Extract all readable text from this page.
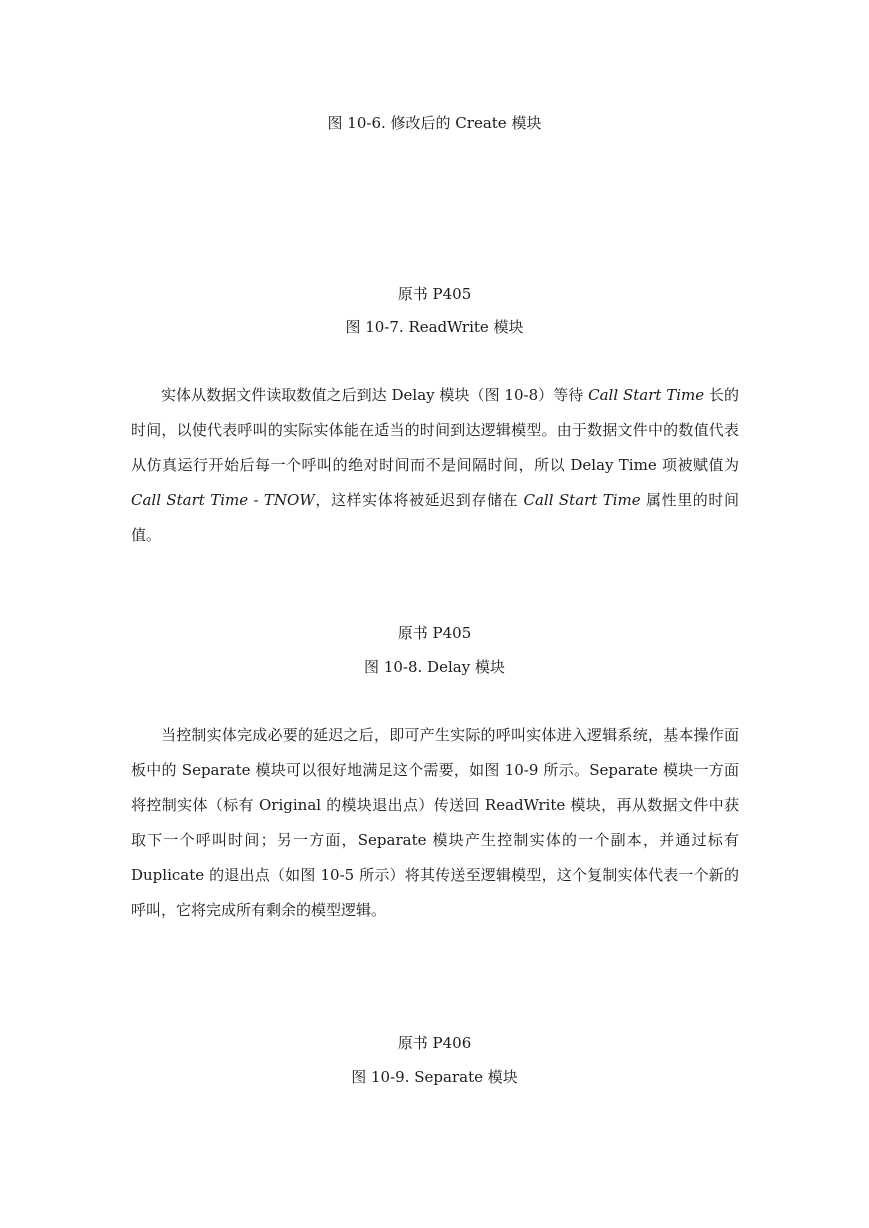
图 10-6. 修改后的 Create 模块
原书 P405
图 10-7. ReadWrite 模块

实体从数据文件读取数值之后到达 Delay 模块（图 10-8）等待 Call Start Time 长的时间，以使代表呼叫的实际实体能在适当的时间到达逻辑模型。由于数据文件中的数值代表从仿真运行开始后每一个呼叫的绝对时间而不是间隔时间，所以 Delay Time 项被赋值为 Call Start Time - TNOW，这样实体将被延迟到存储在 Call Start Time 属性里的时间值。

原书 P405
图 10-8. Delay 模块

当控制实体完成必要的延迟之后，即可产生实际的呼叫实体进入逻辑系统，基本操作面板中的 Separate 模块可以很好地满足这个需要，如图 10-9 所示。Separate 模块一方面将控制实体（标有 Original 的模块退出点）传送回 ReadWrite 模块，再从数据文件中获取下一个呼叫时间；另一方面，Separate 模块产生控制实体的一个副本，并通过标有 Duplicate 的退出点（如图 10-5 所示）将其传送至逻辑模型，这个复制实体代表一个新的呼叫，它将完成所有剩余的模型逻辑。

原书 P406
图 10-9. Separate 模块
